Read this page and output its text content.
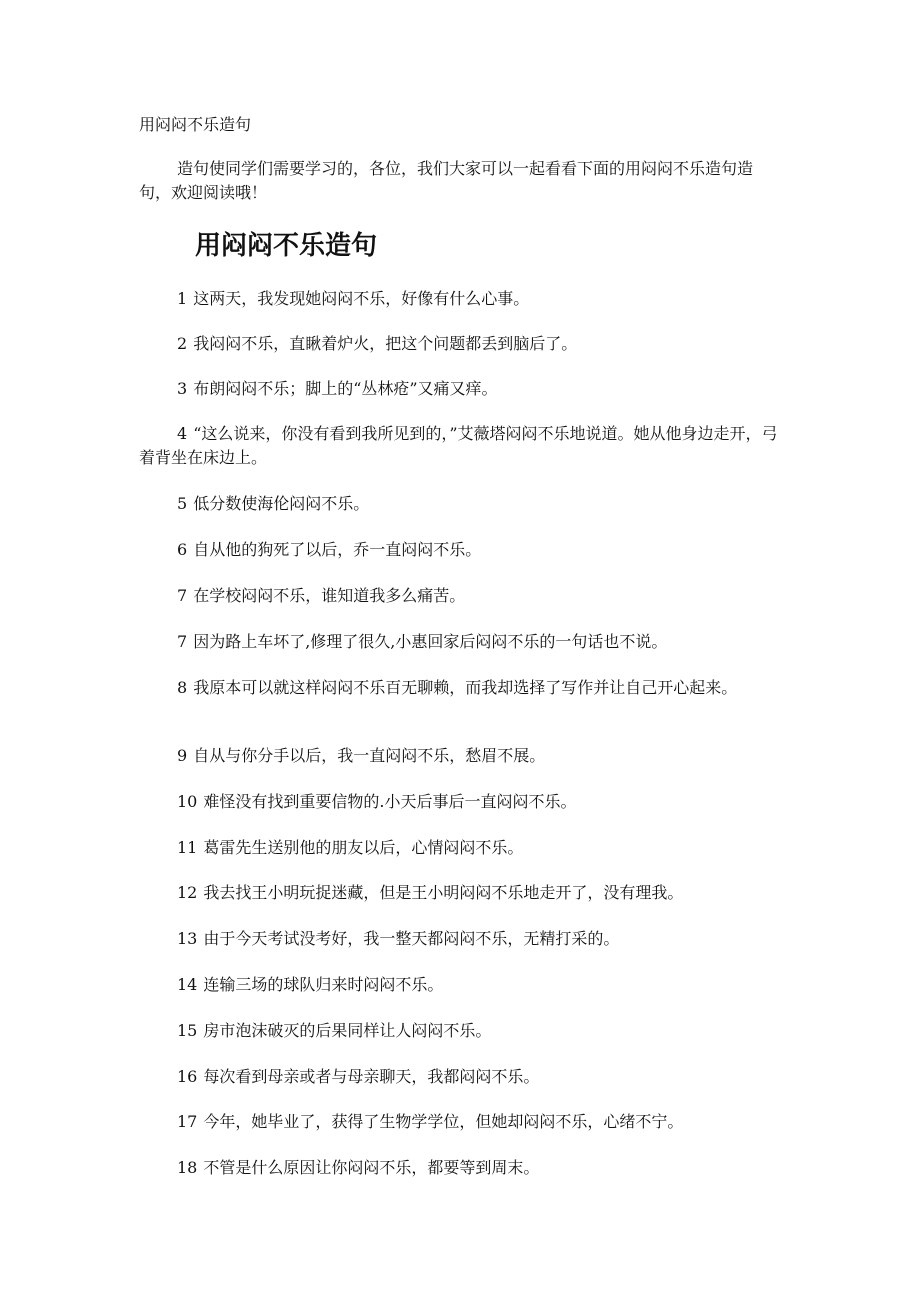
用闷闷不乐造句

造句使同学们需要学习的，各位，我们大家可以一起看看下面的用闷闷不乐造句造句，欢迎阅读哦！

用闷闷不乐造句

1 这两天，我发现她闷闷不乐，好像有什么心事。

2 我闷闷不乐，直瞅着炉火，把这个问题都丢到脑后了。

3 布朗闷闷不乐；脚上的“丛林疮”又痛又痒。

4 “这么说来，你没有看到我所见到的，”艾薇塔闷闷不乐地说道。她从他身边走开，弓着背坐在床边上。

5 低分数使海伦闷闷不乐。

6 自从他的狗死了以后，乔一直闷闷不乐。

7 在学校闷闷不乐，谁知道我多么痛苦。

7 因为路上车坏了,修理了很久,小惠回家后闷闷不乐的一句话也不说。

8 我原本可以就这样闷闷不乐百无聊赖，而我却选择了写作并让自己开心起来。

9 自从与你分手以后，我一直闷闷不乐，愁眉不展。

10 难怪没有找到重要信物的.小天后事后一直闷闷不乐。

11 葛雷先生送别他的朋友以后，心情闷闷不乐。

12 我去找王小明玩捉迷藏，但是王小明闷闷不乐地走开了，没有理我。

13 由于今天考试没考好，我一整天都闷闷不乐，无精打采的。

14 连输三场的球队归来时闷闷不乐。

15 房市泡沫破灭的后果同样让人闷闷不乐。

16 每次看到母亲或者与母亲聊天，我都闷闷不乐。

17 今年，她毕业了，获得了生物学学位，但她却闷闷不乐，心绪不宁。

18 不管是什么原因让你闷闷不乐，都要等到周末。
